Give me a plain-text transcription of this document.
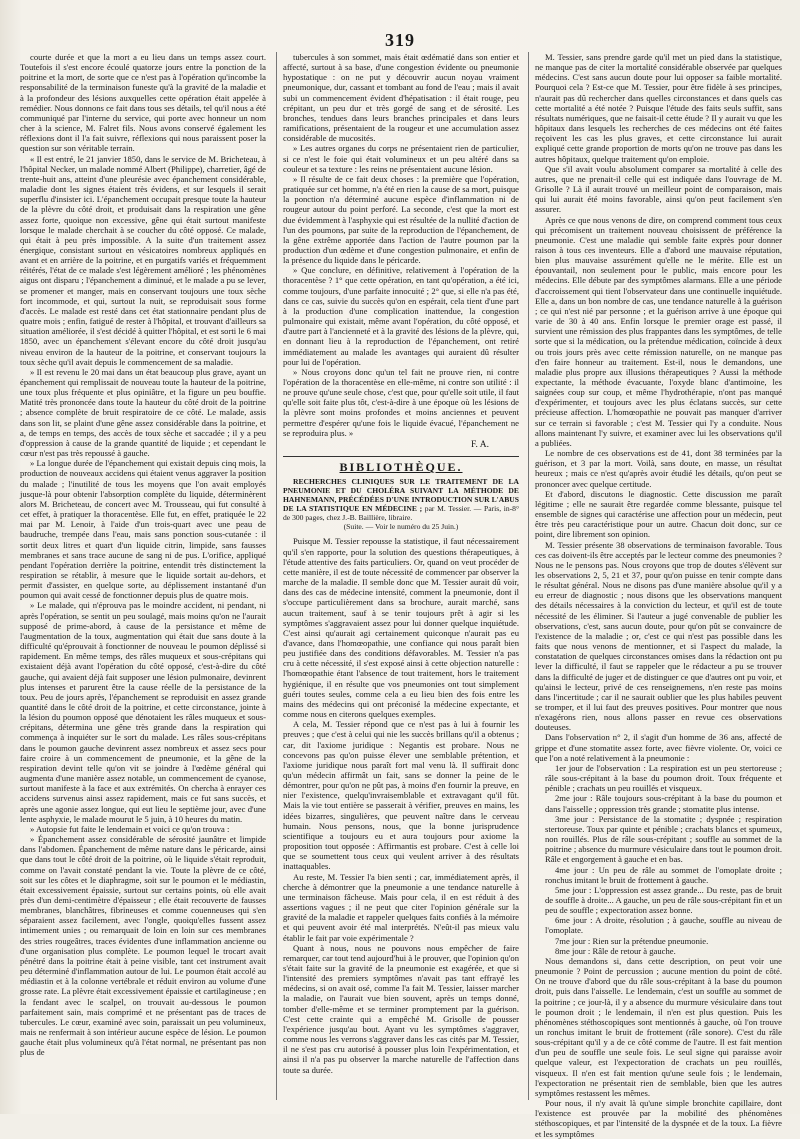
319

courte durée et que la mort a eu lieu dans un temps assez court. Toutefois il s'est encore écoulé quatorze jours entre la ponction de la poitrine et la mort, de sorte que ce n'est pas à l'opération qu'incombe la responsabilité de la terminaison funeste qu'à la gravité de la maladie et à la profondeur des lésions auxquelles cette opération était appelée à remédier. Nous donnons ce fait dans tous ses détails, tel qu'il nous a été communiqué par l'interne du service, qui porte avec honneur un nom cher à la science, M. Falret fils. Nous avons conservé également les réflexions dont il l'a fait suivre, réflexions qui nous paraissent poser la question sur son véritable terrain.

« Il est entré, le 21 janvier 1850, dans le service de M. Bricheteau, à l'hôpital Necker, un malade nommé Albert (Philippe), charretier, âgé de trente-huit ans, atteint d'une pleurésie avec épanchement considérable, maladie dont les signes étaient très évidens, et sur lesquels il serait superflu d'insister ici. L'épanchement occupait presque toute la hauteur de la plèvre du côté droit, et produisait dans la respiration une gêne assez forte, quoique non excessive, gêne qui était surtout manifeste lorsque le malade cherchait à se coucher du côté opposé. Ce malade, qui était à peu près impossible. A la suite d'un traitement assez énergique, consistant surtout en vésicatoires nombreux appliqués en avant et en arrière de la poitrine, et en purgatifs variés et fréquemment réitérés, l'état de ce malade s'est légèrement amélioré ; les phénomènes aigus ont disparu ; l'épanchement a diminué, et le malade a pu se lever, se promener et manger, mais en conservant toujours une toux sèche fort incommode, et qui, surtout la nuit, se reproduisait sous forme d'accès. Le malade est resté dans cet état stationnaire pendant plus de quatre mois ; enfin, fatigué de rester à l'hôpital, et trouvant d'ailleurs sa situation améliorée, il s'est décidé à quitter l'hôpital, et est sorti le 6 mai 1850, avec un épanchement s'élevant encore du côté droit jusqu'au niveau environ de la hauteur de la poitrine, et conservant toujours la toux sèche qu'il avait depuis le commencement de sa maladie.

» Il est revenu le 20 mai dans un état beaucoup plus grave, ayant un épanchement qui remplissait de nouveau toute la hauteur de la poitrine, une toux plus fréquente et plus opiniâtre, et la figure un peu bouffie. Matité très prononcée dans toute la hauteur du côté droit de la poitrine ; absence complète de bruit respiratoire de ce côté. Le malade, assis dans son lit, se plaint d'une gêne assez considérable dans la poitrine, et a, de temps en temps, des accès de toux sèche et saccadée ; il y a peu d'oppression à cause de la grande quantité de liquide ; et cependant le cœur n'est pas très repoussé à gauche.

» La longue durée de l'épanchement qui existait depuis cinq mois, la production de nouveaux accidens qui étaient venus aggraver la position du malade ; l'inutilité de tous les moyens que l'on avait employés jusque-là pour obtenir l'absorption complète du liquide, déterminèrent alors M. Bricheteau, de concert avec M. Trousseau, qui fut consulté à cet effet, à pratiquer la thoracentèse. Elle fut, en effet, pratiquée le 22 mai par M. Lenoir, à l'aide d'un trois-quart avec une peau de baudruche, trempée dans l'eau, mais sans ponction sous-cutanée : il sortit deux litres et quart d'un liquide citrin, limpide, sans fausses membranes et sans trace aucune de sang ni de pus. L'orifice, appliqué pendant l'opération derrière la poitrine, entendit très distinctement la respiration se rétablir, à mesure que le liquide sortait au-dehors, et permit d'assister, en quelque sorte, au déplissement instantané d'un poumon qui avait cessé de fonctionner depuis plus de quatre mois.

» Le malade, qui n'éprouva pas le moindre accident, ni pendant, ni après l'opération, se sentit un peu soulagé, mais moins qu'on ne l'aurait supposé de prime-abord, à cause de la persistance et même de l'augmentation de la toux, augmentation qui était due sans doute à la difficulté qu'éprouvait à fonctionner de nouveau le poumon déplissé si rapidement. En même temps, des râles muqueux et sous-crépitans qui existaient déjà avant l'opération du côté opposé, c'est-à-dire du côté gauche, qui avaient déjà fait supposer une lésion pulmonaire, devinrent plus intenses et parurent être la cause réelle de la persistance de la toux. Peu de jours après, l'épanchement se reproduisit en assez grande quantité dans le côté droit de la poitrine, et cette circonstance, jointe à la lésion du poumon opposé que dénotaient les râles muqueux et sous-crépitans, détermina une gêne très grande dans la respiration qui commença à inquiéter sur le sort du malade. Les râles sous-crépitans dans le poumon gauche devinrent assez nombreux et assez secs pour faire croire à un commencement de pneumonie, et la gêne de la respiration devint telle qu'on vit se joindre à l'œdème général qui augmenta d'une manière assez notable, un commencement de cyanose, surtout manifeste à la face et aux extrémités. On chercha à enrayer ces accidens survenus ainsi assez rapidement, mais ce fut sans succès, et après une agonie assez longue, qui eut lieu le septième jour, avec d'une lente asphyxie, le malade mourut le 5 juin, à 10 heures du matin.

» Autopsie fut faite le lendemain et voici ce qu'on trouva :

» Épanchement assez considérable de sérosité jaunâtre et limpide dans l'abdomen. Épanchement de même nature dans le péricarde, ainsi que dans tout le côté droit de la poitrine, où le liquide s'était reproduit, comme on l'avait constaté pendant la vie. Toute la plèvre de ce côté, soit sur les côtes et le diaphragme, soit sur le poumon et le médiastin, était excessivement épaissie, surtout sur certains points, où elle avait près d'un demi-centimètre d'épaisseur ; elle était recouverte de fausses membranes, blanchâtres, fibrineuses et comme couenneuses qui s'en séparaient assez facilement, avec l'ongle, quoiqu'elles fussent assez intimement unies ; ou remarquait de loin en loin sur ces membranes des stries rougeâtres, traces évidentes d'une inflammation ancienne ou d'une organisation plus complète. Le poumon lequel le trocart avait pénétré dans la poitrine était à peine visible, tant cet instrument avait peu déterminé d'inflammation autour de lui. Le poumon était accolé au médiastin et à la colonne vertébrale et réduit environ au volume d'une grosse rate. La plèvre était excessivement épaissie et cartilagineuse ; en la fendant avec le scalpel, on trouvait au-dessous le poumon parfaitement sain, mais comprimé et ne présentant pas de traces de tubercules. Le cœur, examiné avec soin, paraissait un peu volumineux, mais ne renfermait à son intérieur aucune espèce de lésion. Le poumon gauche était plus volumineux qu'à l'état normal, ne présentant pas non plus de

tubercules à son sommet, mais était œdématié dans son entier et affecté, surtout à sa base, d'une congestion évidente ou pneumonie hypostatique : on ne put y découvrir aucun noyau vraiment pneumonique, dur, cassant et tombant au fond de l'eau ; mais il avait subi un commencement évident d'hépatisation : il était rouge, peu crépitant, un peu dur et très gorgé de sang et de sérosité. Les bronches, tendues dans leurs branches principales et dans leurs ramifications, présentaient de la rougeur et une accumulation assez considérable de mucosités.

» Les autres organes du corps ne présentaient rien de particulier, si ce n'est le foie qui était volumineux et un peu altéré dans sa couleur et sa texture : les reins ne présentaient aucune lésion.

» Il résulte de ce fait deux choses : la première que l'opération, pratiquée sur cet homme, n'a été en rien la cause de sa mort, puisque la ponction n'a déterminé aucune espèce d'inflammation ni de rougeur autour du point perforé. La seconde, c'est que la mort est due évidemment à l'asphyxie qui est résultée de la nullité d'action de l'un des poumons, par suite de la reproduction de l'épanchement, de la gêne extrême apportée dans l'action de l'autre poumon par la production d'un œdème et d'une congestion pulmonaire, et enfin de la présence du liquide dans le péricarde.

» Que conclure, en définitive, relativement à l'opération de la thoracentèse ? 1° que cette opération, en tant qu'opération, a été ici, comme toujours, d'une parfaite innocuité ; 2° que, si elle n'a pas été, dans ce cas, suivie du succès qu'on en espérait, cela tient d'une part à la production d'une complication inattendue, la congestion pulmonaire qui existait, même avant l'opération, du côté opposé, et d'autre part à l'ancienneté et à la gravité des lésions de la plèvre, qui, en donnant lieu à la reproduction de l'épanchement, ont retiré immédiatement au malade les avantages qui auraient dû résulter pour lui de l'opération.

» Nous croyons donc qu'un tel fait ne prouve rien, ni contre l'opération de la thoracentèse en elle-même, ni contre son utilité : il ne prouve qu'une seule chose, c'est que, pour qu'elle soit utile, il faut qu'elle soit faite plus tôt, c'est-à-dire à une époque où les lésions de la plèvre sont moins profondes et moins anciennes et peuvent permettre d'espérer qu'une fois le liquide évacué, l'épanchement ne se reproduira plus. »

F. A.
BIBLIOTHÈQUE.

RECHERCHES CLINIQUES SUR LE TRAITEMENT DE LA PNEUMONIE ET DU CHOLÉRA SUIVANT LA MÉTHODE DE HAHNEMANN, PRÉCÉDÉES D'UNE INTRODUCTION SUR L'ABUS DE LA STATISTIQUE EN MÉDECINE ; par M. Tessier. — Paris, in-8° de 300 pages, chez J.-B. Baillière, libraire.

(Suite. — Voir le numéro du 25 Juin.)

Puisque M. Tessier repousse la statistique, il faut nécessairement qu'il s'en rapporte, pour la solution des questions thérapeutiques, à l'étude attentive des faits particuliers. Or, quand on veut procéder de cette manière, il est de toute nécessité de commencer par observer la marche de la maladie. Il semble donc que M. Tessier aurait dû voir, dans des cas de médecine intensité, comment la pneumonie, dont il s'occupe particulièrement dans sa brochure, aurait marché, sans aucun traitement, sauf à se tenir toujours prêt à agir si les symptômes s'aggravaient assez pour lui donner quelque inquiétude. C'est ainsi qu'aurait agi certainement quiconque n'aurait pas eu d'avance, dans l'homœopathie, une confiance qui nous paraît bien peu justifiée dans des conditions défavorables. M. Tessier n'a pas cru à cette nécessité, il s'est exposé ainsi à cette objection naturelle : l'homœopathie étant l'absence de tout traitement, hors le traitement hygiénique, il en résulte que vos pneumonies ont tout simplement guéri toutes seules, comme cela a eu lieu bien des fois entre les mains des médecins qui ont préconisé la médecine expectante, et comme nous en citerons quelques exemples.

A cela, M. Tessier répond que ce n'est pas à lui à fournir les preuves ; que c'est à celui qui nie les succès brillans qu'il a obtenus ; car, dit l'axiome juridique : Negantis est probare. Nous ne concevons pas qu'on puisse élever une semblable prétention, et l'axiome juridique nous paraît fort mal venu là. Il suffirait donc qu'un médecin affirmât un fait, sans se donner la peine de le démontrer, pour qu'on ne pût pas, à moins d'en fournir la preuve, en nier l'existence, quelqu'invraisemblable et extravagant qu'il fût. Mais la vie tout entière se passerait à vérifier, preuves en mains, les idées bizarres, singulières, que peuvent naître dans le cerveau humain. Nous pensons, nous, que la bonne jurisprudence scientifique a toujours eu et aura toujours pour axiome la proposition tout opposée : Affirmantis est probare. C'est à celle loi que se soumettent tous ceux qui veulent arriver à des résultats inattaquables.

Au reste, M. Tessier l'a bien senti ; car, immédiatement après, il cherche à démontrer que la pneumonie a une tendance naturelle à une terminaison fâcheuse. Mais pour cela, il en est réduit à des assertions vagues ; il ne peut que citer l'opinion générale sur la gravité de la maladie et rappeler quelques faits confiés à la mémoire et qui peuvent avoir été mal interprétés. N'eût-il pas mieux valu établir le fait par voie expérimentale ?

Quant à nous, nous ne pouvons nous empêcher de faire remarquer, car tout tend aujourd'hui à le prouver, que l'opinion qu'on s'était faite sur la gravité de la pneumonie est exagérée, et que si l'intensité des premiers symptômes n'avait pas tant effrayé les médecins, si on avait osé, comme l'a fait M. Tessier, laisser marcher la maladie, on l'aurait vue bien souvent, après un temps donné, tomber d'elle-même et se terminer promptement par la guérison. C'est cette crainte qui a empêché M. Grisolle de pousser l'expérience jusqu'au bout. Ayant vu les symptômes s'aggraver, comme nous les verrons s'aggraver dans les cas cités par M. Tessier, il ne s'est pas cru autorisé à pousser plus loin l'expérimentation, et ainsi il n'a pas pu observer la marche naturelle de l'affection dans toute sa durée.

M. Tessier, sans prendre garde qu'il met un pied dans la statistique, ne manque pas de citer la mortalité considérable observée par quelques médecins. C'est sans aucun doute pour lui opposer sa faible mortalité. Pourquoi cela ? Est-ce que M. Tessier, pour être fidèle à ses principes, n'aurait pas dû rechercher dans quelles circonstances et dans quels cas cette mortalité a été notée ? Puisque l'étude des faits seuls suffit, sans résultats numériques, que ne faisait-il cette étude ? Il y aurait vu que les hôpitaux dans lesquels les recherches de ces médecins ont été faites reçoivent les cas les plus graves, et cette circonstance lui aurait expliqué cette grande proportion de morts qu'on ne trouve pas dans les autres hôpitaux, quelque traitement qu'on emploie.

Que s'il avait voulu absolument comparer sa mortalité à celle des autres, que ne prenait-il celle qui est indiquée dans l'ouvrage de M. Grisolle ? Là il aurait trouvé un meilleur point de comparaison, mais qui lui aurait été moins favorable, ainsi qu'on peut facilement s'en assurer.

Après ce que nous venons de dire, on comprend comment tous ceux qui précomisent un traitement nouveau choisissent de préférence la pneumonie. C'est une maladie qui semble faite exprès pour donner raison à tous ces inventeurs. Elle a d'abord une mauvaise réputation, bien plus mauvaise assurément qu'elle ne le mérite. Elle est un épouvantail, non seulement pour le public, mais encore pour les médecins. Elle débute par des symptômes alarmans. Elle a une période d'accroissement qui tient l'observateur dans une continuelle inquiétude. Elle a, dans un bon nombre de cas, une tendance naturelle à la guérison ; ce qui n'est nié par personne ; et la guérison arrive à une époque qui varie de 30 à 40 ans. Enfin lorsque le premier orage est passé, il survient une rémission des plus frappantes dans les symptômes, de telle sorte que si la médication, ou la prétendue médication, coïncide à deux ou trois jours près avec cette rémission naturelle, on ne manque pas d'en faire honneur au traitement. Est-il, nous le demandons, une maladie plus propre aux illusions thérapeutiques ? Aussi la méthode expectante, la méthode évacuante, l'oxyde blanc d'antimoine, les saignées coup sur coup, et même l'hydrothérapie, n'ont pas manqué d'expérimenter, et toujours avec les plus éclatans succès, sur cette précieuse affection. L'homœopathie ne pouvait pas manquer d'arriver sur ce terrain si favorable ; c'est M. Tessier qui l'y a conduite. Nous allons maintenant l'y suivre, et examiner avec lui les observations qu'il a publiées.

Le nombre de ces observations est de 41, dont 38 terminées par la guérison, et 3 par la mort. Voilà, sans doute, en masse, un résultat heureux ; mais ce n'est qu'après avoir étudié les détails, qu'on peut se prononcer avec quelque certitude.

Et d'abord, discutons le diagnostic. Cette discussion me paraît légitime ; elle ne saurait être regardée comme blessante, puisque tel ensemble de signes qui caractérise une affection pour un médecin, peut être très peu caractéristique pour un autre. Chacun doit donc, sur ce point, dire librement son opinion.

M. Tessier présente 38 observations de terminaison favorable. Tous ces cas doivent-ils être acceptés par le lecteur comme des pneumonies ? Nous ne le pensons pas. Nous croyons que trop de doutes s'élèvent sur les observations 2, 5, 21 et 37, pour qu'on puisse en tenir compte dans le résultat général. Nous ne disons pas d'une manière absolue qu'il y a eu erreur de diagnostic ; nous disons que les observations manquent des détails nécessaires à la conviction du lecteur, et qu'il est de toute nécessité de les éliminer. Si l'auteur a jugé convenable de publier les observations, c'est, sans aucun doute, pour qu'on pût se convaincre de l'existence de la maladie ; or, c'est ce qui n'est pas possible dans les faits que nous venons de mentionner, et si l'aspect du malade, la constatation de quelques circonstances omises dans la rédaction ont pu lever la difficulté, il faut se rappeler que le rédacteur a pu se trouver dans la difficulté de juger et de distinguer ce que d'autres ont pu voir, et qu'ainsi le lecteur, privé de ces renseignemens, n'en reste pas moins dans l'incertitude ; car il ne saurait oublier que les plus habiles peuvent se tromper, et il lui faut des preuves positives. Pour montrer que nous n'exagérons rien, nous allons passer en revue ces observations douteuses.

Dans l'observation n° 2, il s'agit d'un homme de 36 ans, affecté de grippe et d'une stomatite assez forte, avec fièvre violente. Or, voici ce que l'on a noté relativement à la pneumonie :

1er jour de l'observation : La respiration est un peu stertoreuse ; râle sous-crépitant à la base du poumon droit. Toux fréquente et pénible ; crachats un peu rouillés et visqueux.

2me jour : Râle toujours sous-crépitant à la base du poumon et dans l'aisselle ; oppression très grande ; stomatite plus intense.

3me jour : Persistance de la stomatite ; dyspnée ; respiration stertoreuse. Toux par quinte et pénible ; crachats blancs et spumeux, non rouillés. Plus de râle sous-crépitant ; souffle au sommet de la poitrine ; absence du murmure vésiculaire dans tout le poumon droit. Râle et engorgement à gauche et en bas.

4me jour : Un peu de râle au sommet de l'omoplate droite ; ronchus imitant le bruit de frottement à gauche.

5me jour : L'oppression est assez grande... Du reste, pas de bruit de souffle à droite... A gauche, un peu de râle sous-crépitant fin et un peu de souffle ; expectoration assez bonne.

6me jour : A droite, résolution ; à gauche, souffle au niveau de l'omoplate.

7me jour : Rien sur la prétendue pneumonie.

8me jour : Râle de retour à gauche.

Nous demandons si, dans cette description, on peut voir une pneumonie ? Point de percussion ; aucune mention du point de côté. On ne trouve d'abord que du râle sous-crépitant à la base du poumon droit, puis dans l'aisselle. Le lendemain, c'est un souffle au sommet de la poitrine ; ce jour-là, il y a absence du murmure vésiculaire dans tout le poumon droit ; le lendemain, il n'en est plus question. Puis les phénomènes stéthoscopiques sont mentionnés à gauche, où l'on trouve un ronchus imitant le bruit de frottement (râle sonore). C'est du râle sous-crépitant qu'il y a de ce côté comme de l'autre. Il est fait mention d'un peu de souffle une seule fois. Le seul signe qui paraisse avoir quelque valeur, est l'expectoration de crachats un peu rouillés, visqueux. Il n'en est fait mention qu'une seule fois ; le lendemain, l'expectoration ne présentait rien de semblable, bien que les autres symptômes restassent les mêmes.

Pour nous, il n'y avait là qu'une simple bronchite capillaire, dont l'existence est prouvée par la mobilité des phénomènes stéthoscopiques, et par l'intensité de la dyspnée et de la toux. La fièvre et les symptômes
